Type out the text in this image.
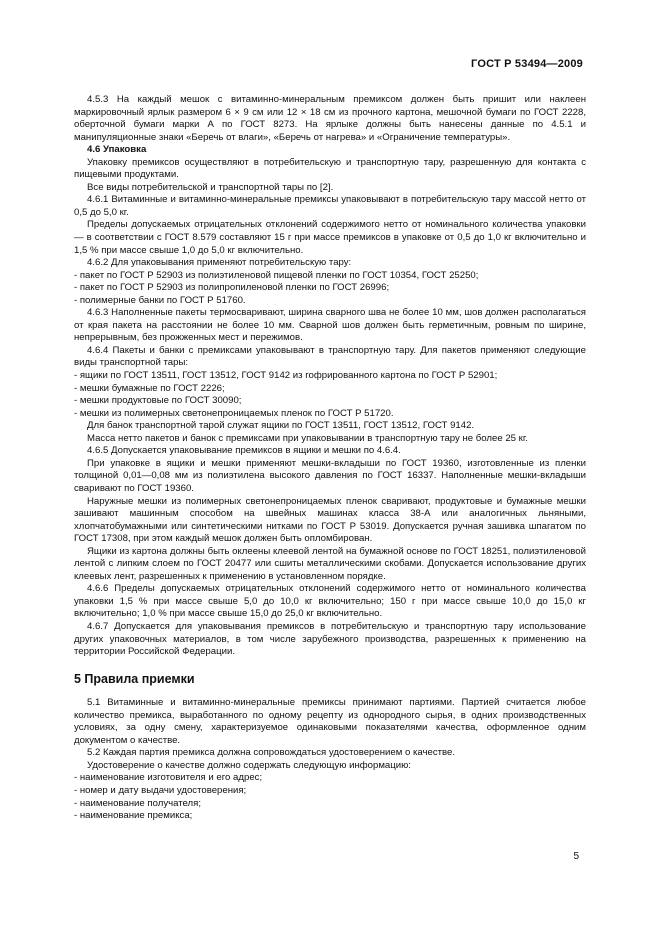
ГОСТ Р 53494—2009

4.5.3 На каждый мешок с витаминно-минеральным премиксом должен быть пришит или наклеен маркировочный ярлык размером 6 × 9 см или 12 × 18 см из прочного картона, мешочной бумаги по ГОСТ 2228, оберточной бумаги марки А по ГОСТ 8273. На ярлыке должны быть нанесены данные по 4.5.1 и манипуляционные знаки «Беречь от влаги», «Беречь от нагрева» и «Ограничение температуры».

4.6 Упаковка

Упаковку премиксов осуществляют в потребительскую и транспортную тару, разрешенную для контакта с пищевыми продуктами.

Все виды потребительской и транспортной тары по [2].

4.6.1 Витаминные и витаминно-минеральные премиксы упаковывают в потребительскую тару массой нетто от 0,5 до 5,0 кг.

Пределы допускаемых отрицательных отклонений содержимого нетто от номинального количества упаковки — в соответствии с ГОСТ 8.579 составляют 15 г при массе премиксов в упаковке от 0,5 до 1,0 кг включительно и 1,5 % при массе свыше 1,0 до 5,0 кг включительно.

4.6.2 Для упаковывания применяют потребительскую тару:

- пакет по ГОСТ Р 52903 из полиэтиленовой пищевой пленки по ГОСТ 10354, ГОСТ 25250;

- пакет по ГОСТ Р 52903 из полипропиленовой пленки по ГОСТ 26996;

- полимерные банки по ГОСТ Р 51760.

4.6.3 Наполненные пакеты термосваривают, ширина сварного шва не более 10 мм, шов должен располагаться от края пакета на расстоянии не более 10 мм. Сварной шов должен быть герметичным, ровным по ширине, непрерывным, без прожженных мест и пережимов.

4.6.4 Пакеты и банки с премиксами упаковывают в транспортную тару. Для пакетов применяют следующие виды транспортной тары:

- ящики по ГОСТ 13511, ГОСТ 13512, ГОСТ 9142 из гофрированного картона по ГОСТ Р 52901;

- мешки бумажные по ГОСТ 2226;

- мешки продуктовые по ГОСТ 30090;

- мешки из полимерных светонепроницаемых пленок по ГОСТ Р 51720.

Для банок транспортной тарой служат ящики по ГОСТ 13511, ГОСТ 13512, ГОСТ 9142.

Масса нетто пакетов и банок с премиксами при упаковывании в транспортную тару не более 25 кг.

4.6.5 Допускается упаковывание премиксов в ящики и мешки по 4.6.4.

При упаковке в ящики и мешки применяют мешки-вкладыши по ГОСТ 19360, изготовленные из пленки толщиной 0,01—0,08 мм из полиэтилена высокого давления по ГОСТ 16337. Наполненные мешки-вкладыши сваривают по ГОСТ 19360.

Наружные мешки из полимерных светонепроницаемых пленок сваривают, продуктовые и бумажные мешки зашивают машинным способом на швейных машинах класса 38-А или аналогичных льняными, хлопчатобумажными или синтетическими нитками по ГОСТ Р 53019. Допускается ручная зашивка шпагатом по ГОСТ 17308, при этом каждый мешок должен быть опломбирован.

Ящики из картона должны быть оклеены клеевой лентой на бумажной основе по ГОСТ 18251, полиэтиленовой лентой с липким слоем по ГОСТ 20477 или сшиты металлическими скобами. Допускается использование других клеевых лент, разрешенных к применению в установленном порядке.

4.6.6 Пределы допускаемых отрицательных отклонений содержимого нетто от номинального количества упаковки 1,5 % при массе свыше 5,0 до 10,0 кг включительно; 150 г при массе свыше 10,0 до 15,0 кг включительно; 1,0 % при массе свыше 15,0 до 25,0 кг включительно.

4.6.7 Допускается для упаковывания премиксов в потребительскую и транспортную тару использование других упаковочных материалов, в том числе зарубежного производства, разрешенных к применению на территории Российской Федерации.

5 Правила приемки

5.1 Витаминные и витаминно-минеральные премиксы принимают партиями. Партией считается любое количество премикса, выработанного по одному рецепту из однородного сырья, в одних производственных условиях, за одну смену, характеризуемое одинаковыми показателями качества, оформленное одним документом о качестве.

5.2 Каждая партия премикса должна сопровождаться удостоверением о качестве.

Удостоверение о качестве должно содержать следующую информацию:

- наименование изготовителя и его адрес;

- номер и дату выдачи удостоверения;

- наименование получателя;

- наименование премикса;

5
